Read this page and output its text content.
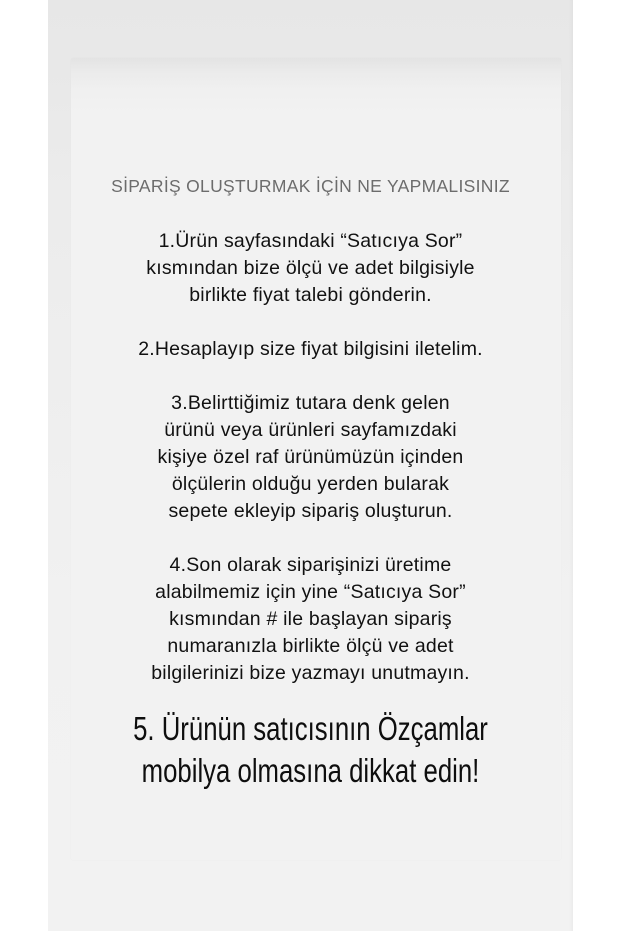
SİPARİŞ OLUŞTURMAK İÇİN NE YAPMALISINIZ
1.Ürün sayfasındaki “Satıcıya Sor”
kısmından bize ölçü ve adet bilgisiyle
birlikte fiyat talebi gönderin.
2.Hesaplayıp size fiyat bilgisini iletelim.
3.Belirttiğimiz tutara denk gelen
ürünü veya ürünleri sayfamızdaki
kişiye özel raf ürünümüzün içinden
ölçülerin olduğu yerden bularak
sepete ekleyip sipariş oluşturun.
4.Son olarak siparişinizi üretime
alabilmemiz için yine “Satıcıya Sor”
kısmından # ile başlayan sipariş
numaranızla birlikte ölçü ve adet
bilgilerinizi bize yazmayı unutmayın.
5. Ürünün satıcısının Özçamlar
mobilya olmasına dikkat edin!
